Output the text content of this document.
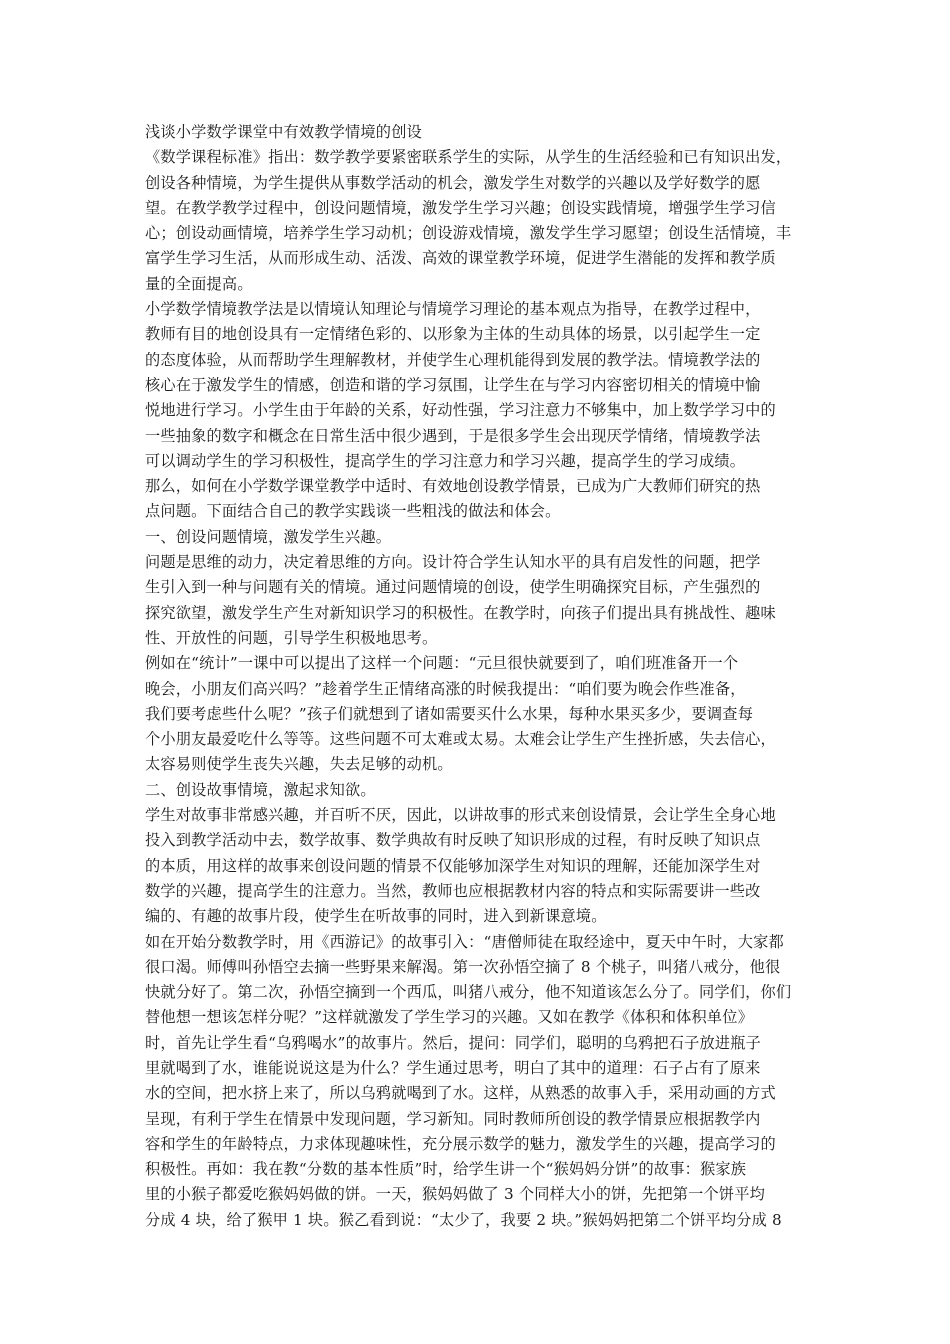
浅谈小学数学课堂中有效教学情境的创设
《数学课程标准》指出：数学教学要紧密联系学生的实际，从学生的生活经验和已有知识出发，
创设各种情境，为学生提供从事数学活动的机会，激发学生对数学的兴趣以及学好数学的愿
望。在教学教学过程中，创设问题情境，激发学生学习兴趣；创设实践情境，增强学生学习信
心；创设动画情境，培养学生学习动机；创设游戏情境，激发学生学习愿望；创设生活情境，丰
富学生学习生活，从而形成生动、活泼、高效的课堂教学环境，促进学生潜能的发挥和教学质
量的全面提高。
小学数学情境教学法是以情境认知理论与情境学习理论的基本观点为指导，在教学过程中，
教师有目的地创设具有一定情绪色彩的、以形象为主体的生动具体的场景，以引起学生一定
的态度体验，从而帮助学生理解教材，并使学生心理机能得到发展的教学法。情境教学法的
核心在于激发学生的情感，创造和谐的学习氛围，让学生在与学习内容密切相关的情境中愉
悦地进行学习。小学生由于年龄的关系，好动性强，学习注意力不够集中，加上数学学习中的
一些抽象的数字和概念在日常生活中很少遇到，于是很多学生会出现厌学情绪，情境教学法
可以调动学生的学习积极性，提高学生的学习注意力和学习兴趣，提高学生的学习成绩。
那么，如何在小学数学课堂教学中适时、有效地创设教学情景，已成为广大教师们研究的热
点问题。下面结合自己的教学实践谈一些粗浅的做法和体会。
一、创设问题情境，激发学生兴趣。
问题是思维的动力，决定着思维的方向。设计符合学生认知水平的具有启发性的问题，把学
生引入到一种与问题有关的情境。通过问题情境的创设，使学生明确探究目标，产生强烈的
探究欲望，激发学生产生对新知识学习的积极性。在教学时，向孩子们提出具有挑战性、趣味
性、开放性的问题，引导学生积极地思考。
例如在“统计”一课中可以提出了这样一个问题：“元旦很快就要到了，咱们班准备开一个
晚会，小朋友们高兴吗？”趁着学生正情绪高涨的时候我提出：“咱们要为晚会作些准备，
我们要考虑些什么呢？”孩子们就想到了诸如需要买什么水果，每种水果买多少，要调查每
个小朋友最爱吃什么等等。这些问题不可太难或太易。太难会让学生产生挫折感，失去信心，
太容易则使学生丧失兴趣，失去足够的动机。
二、创设故事情境，激起求知欲。
学生对故事非常感兴趣，并百听不厌，因此，以讲故事的形式来创设情景，会让学生全身心地
投入到教学活动中去，数学故事、数学典故有时反映了知识形成的过程，有时反映了知识点
的本质，用这样的故事来创设问题的情景不仅能够加深学生对知识的理解，还能加深学生对
数学的兴趣，提高学生的注意力。当然，教师也应根据教材内容的特点和实际需要讲一些改
编的、有趣的故事片段，使学生在听故事的同时，进入到新课意境。
如在开始分数教学时，用《西游记》的故事引入：“唐僧师徒在取经途中，夏天中午时，大家都
很口渴。师傅叫孙悟空去摘一些野果来解渴。第一次孙悟空摘了 8 个桃子，叫猪八戒分，他很
快就分好了。第二次，孙悟空摘到一个西瓜，叫猪八戒分，他不知道该怎么分了。同学们，你们
替他想一想该怎样分呢？”这样就激发了学生学习的兴趣。又如在教学《体积和体积单位》
时，首先让学生看“乌鸦喝水”的故事片。然后，提问：同学们，聪明的乌鸦把石子放进瓶子
里就喝到了水，谁能说说这是为什么？学生通过思考，明白了其中的道理：石子占有了原来
水的空间，把水挤上来了，所以乌鸦就喝到了水。这样，从熟悉的故事入手，采用动画的方式
呈现，有利于学生在情景中发现问题，学习新知。同时教师所创设的教学情景应根据教学内
容和学生的年龄特点，力求体现趣味性，充分展示数学的魅力，激发学生的兴趣，提高学习的
积极性。再如：我在教“分数的基本性质”时，给学生讲一个“猴妈妈分饼”的故事：猴家族
里的小猴子都爱吃猴妈妈做的饼。一天，猴妈妈做了 3 个同样大小的饼，先把第一个饼平均
分成 4 块，给了猴甲 1 块。猴乙看到说：“太少了，我要 2 块。”猴妈妈把第二个饼平均分成 8
